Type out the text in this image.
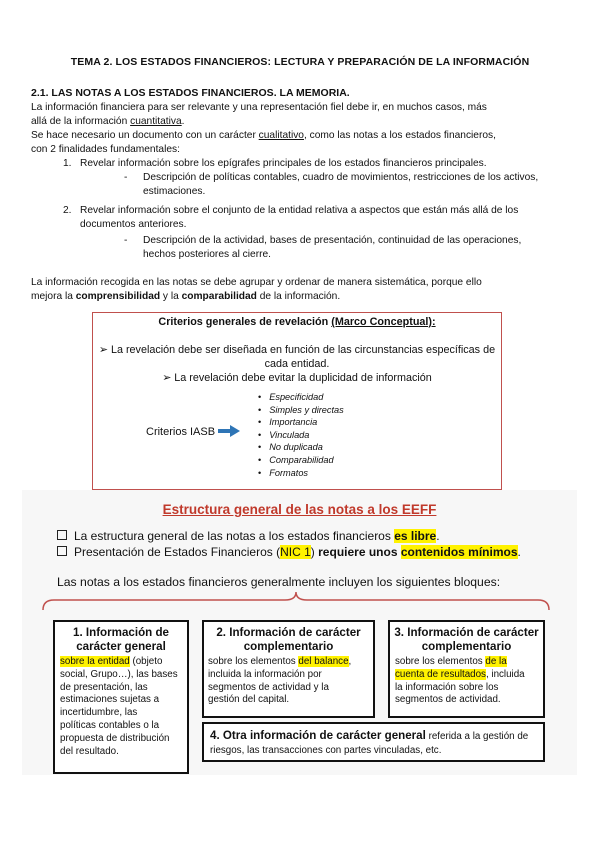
TEMA 2. LOS ESTADOS FINANCIEROS: LECTURA Y PREPARACIÓN DE LA INFORMACIÓN
2.1. LAS NOTAS A LOS ESTADOS FINANCIEROS. LA MEMORIA.
La información financiera para ser relevante y una representación fiel debe ir, en muchos casos, más
allá de la información cuantitativa.
Se hace necesario un documento con un carácter cualitativo, como las notas a los estados financieros,
con 2 finalidades fundamentales:
1. Revelar información sobre los epígrafes principales de los estados financieros principales.
- Descripción de políticas contables, cuadro de movimientos, restricciones de los activos,
estimaciones.
2. Revelar información sobre el conjunto de la entidad relativa a aspectos que están más allá de los
documentos anteriores.
- Descripción de la actividad, bases de presentación, continuidad de las operaciones,
hechos posteriores al cierre.
La información recogida en las notas se debe agrupar y ordenar de manera sistemática, porque ello
mejora la comprensibilidad y la comparabilidad de la información.
Criterios generales de revelación (Marco Conceptual):
➢ La revelación debe ser diseñada en función de las circunstancias específicas de
cada entidad.
➢ La revelación debe evitar la duplicidad de información
Criterios IASB
• Especificidad
• Simples y directas
• Importancia
• Vinculada
• No duplicada
• Comparabilidad
• Formatos
Estructura general de las notas a los EEFF
La estructura general de las notas a los estados financieros es libre.
Presentación de Estados Financieros (NIC 1) requiere unos contenidos mínimos.
Las notas a los estados financieros generalmente incluyen los siguientes bloques:
1. Información de
carácter general
sobre la entidad (objeto
social, Grupo…), las bases
de presentación, las
estimaciones sujetas a
incertidumbre, las
políticas contables o la
propuesta de distribución
del resultado.
2. Información de carácter
complementario
sobre los elementos del balance,
incluida la información por
segmentos de actividad y la
gestión del capital.
3. Información de carácter
complementario
sobre los elementos de la
cuenta de resultados, incluida
la información sobre los
segmentos de actividad.
4. Otra información de carácter general referida a la gestión de
riesgos, las transacciones con partes vinculadas, etc.
